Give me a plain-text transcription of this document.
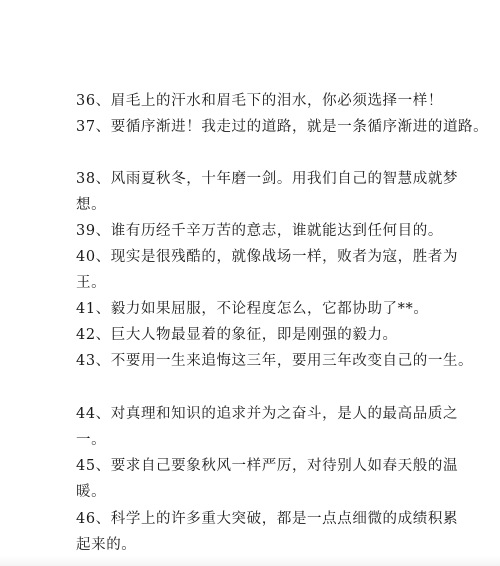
36、眉毛上的汗水和眉毛下的泪水，你必须选择一样！
37、要循序渐进！我走过的道路，就是一条循序渐进的道路。
38、风雨夏秋冬，十年磨一剑。用我们自己的智慧成就梦
想。
39、谁有历经千辛万苦的意志，谁就能达到任何目的。
40、现实是很残酷的，就像战场一样，败者为寇，胜者为
王。
41、毅力如果屈服，不论程度怎么，它都协助了**。
42、巨大人物最显着的象征，即是刚强的毅力。
43、不要用一生来追悔这三年，要用三年改变自己的一生。
44、对真理和知识的追求并为之奋斗，是人的最高品质之
一。
45、要求自己要象秋风一样严厉，对待别人如春天般的温
暖。
46、科学上的许多重大突破，都是一点点细微的成绩积累
起来的。
